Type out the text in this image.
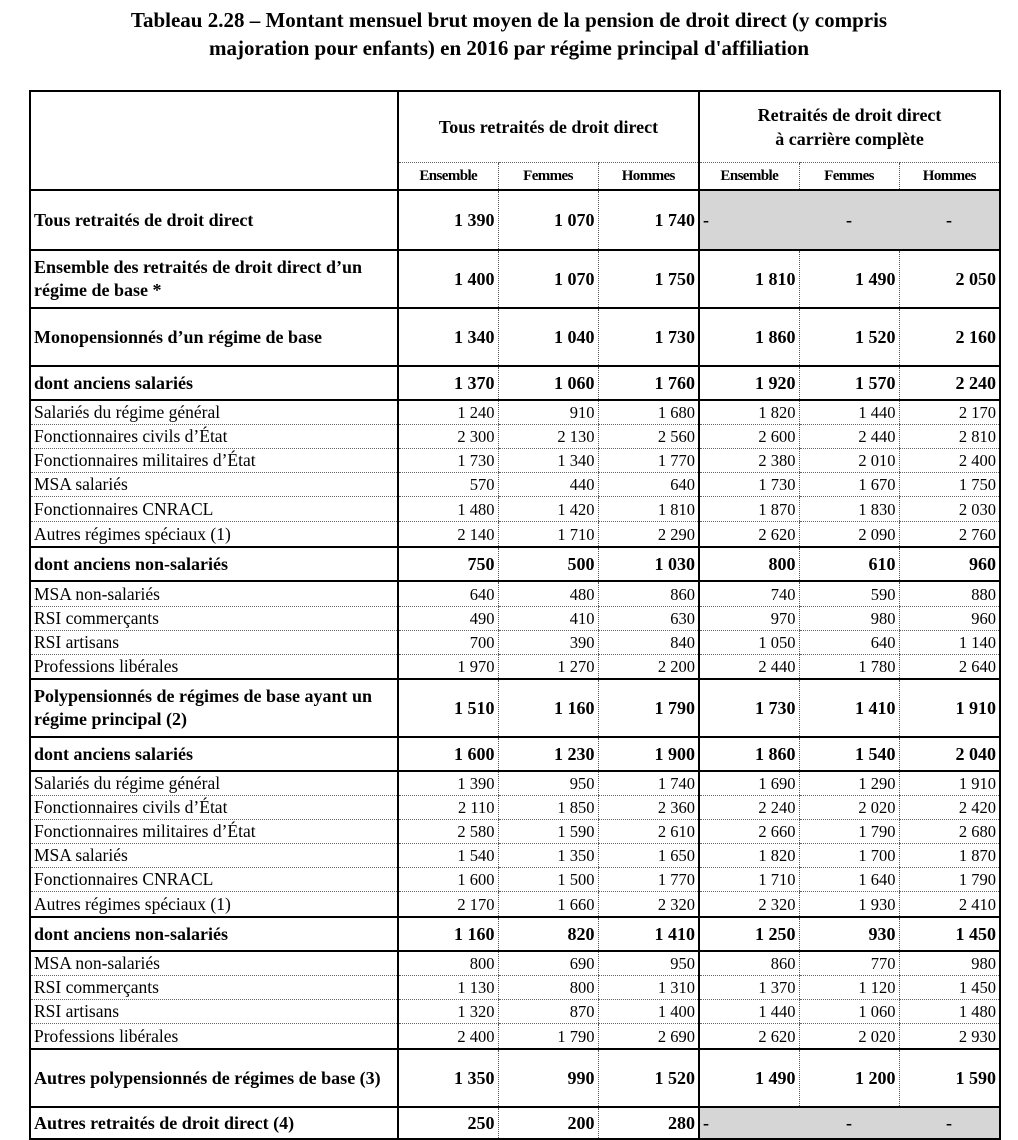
Tableau 2.28 – Montant mensuel brut moyen de la pension de droit direct (y compris
majoration pour enfants) en 2016 par régime principal d'affiliation
	Tous retraités de droit direct			Retraités de droit direct
à carrière complète		

	Ensemble	Femmes	Hommes	Ensemble	Femmes	Hommes
Tous retraités de droit direct	1 390	1 070	1 740	-	-	-
Ensemble des retraités de droit direct d’un régime de base *	1 400	1 070	1 750	1 810	1 490	2 050
Monopensionnés d’un régime de base	1 340	1 040	1 730	1 860	1 520	2 160
dont anciens salariés	1 370	1 060	1 760	1 920	1 570	2 240
Salariés du régime général	1 240	910	1 680	1 820	1 440	2 170
Fonctionnaires civils d’État	2 300	2 130	2 560	2 600	2 440	2 810
Fonctionnaires militaires d’État	1 730	1 340	1 770	2 380	2 010	2 400
MSA salariés	570	440	640	1 730	1 670	1 750
Fonctionnaires CNRACL	1 480	1 420	1 810	1 870	1 830	2 030
Autres régimes spéciaux (1)	2 140	1 710	2 290	2 620	2 090	2 760
dont anciens non-salariés	750	500	1 030	800	610	960
MSA non-salariés	640	480	860	740	590	880
RSI commerçants	490	410	630	970	980	960
RSI artisans	700	390	840	1 050	640	1 140
Professions libérales	1 970	1 270	2 200	2 440	1 780	2 640
Polypensionnés de régimes de base ayant un régime principal (2)	1 510	1 160	1 790	1 730	1 410	1 910
dont anciens salariés	1 600	1 230	1 900	1 860	1 540	2 040
Salariés du régime général	1 390	950	1 740	1 690	1 290	1 910
Fonctionnaires civils d’État	2 110	1 850	2 360	2 240	2 020	2 420
Fonctionnaires militaires d’État	2 580	1 590	2 610	2 660	1 790	2 680
MSA salariés	1 540	1 350	1 650	1 820	1 700	1 870
Fonctionnaires CNRACL	1 600	1 500	1 770	1 710	1 640	1 790
Autres régimes spéciaux (1)	2 170	1 660	2 320	2 320	1 930	2 410
dont anciens non-salariés	1 160	820	1 410	1 250	930	1 450
MSA non-salariés	800	690	950	860	770	980
RSI commerçants	1 130	800	1 310	1 370	1 120	1 450
RSI artisans	1 320	870	1 400	1 440	1 060	1 480
Professions libérales	2 400	1 790	2 690	2 620	2 020	2 930
Autres polypensionnés de régimes de base (3)	1 350	990	1 520	1 490	1 200	1 590
Autres retraités de droit direct (4)	250	200	280	-	-	-
